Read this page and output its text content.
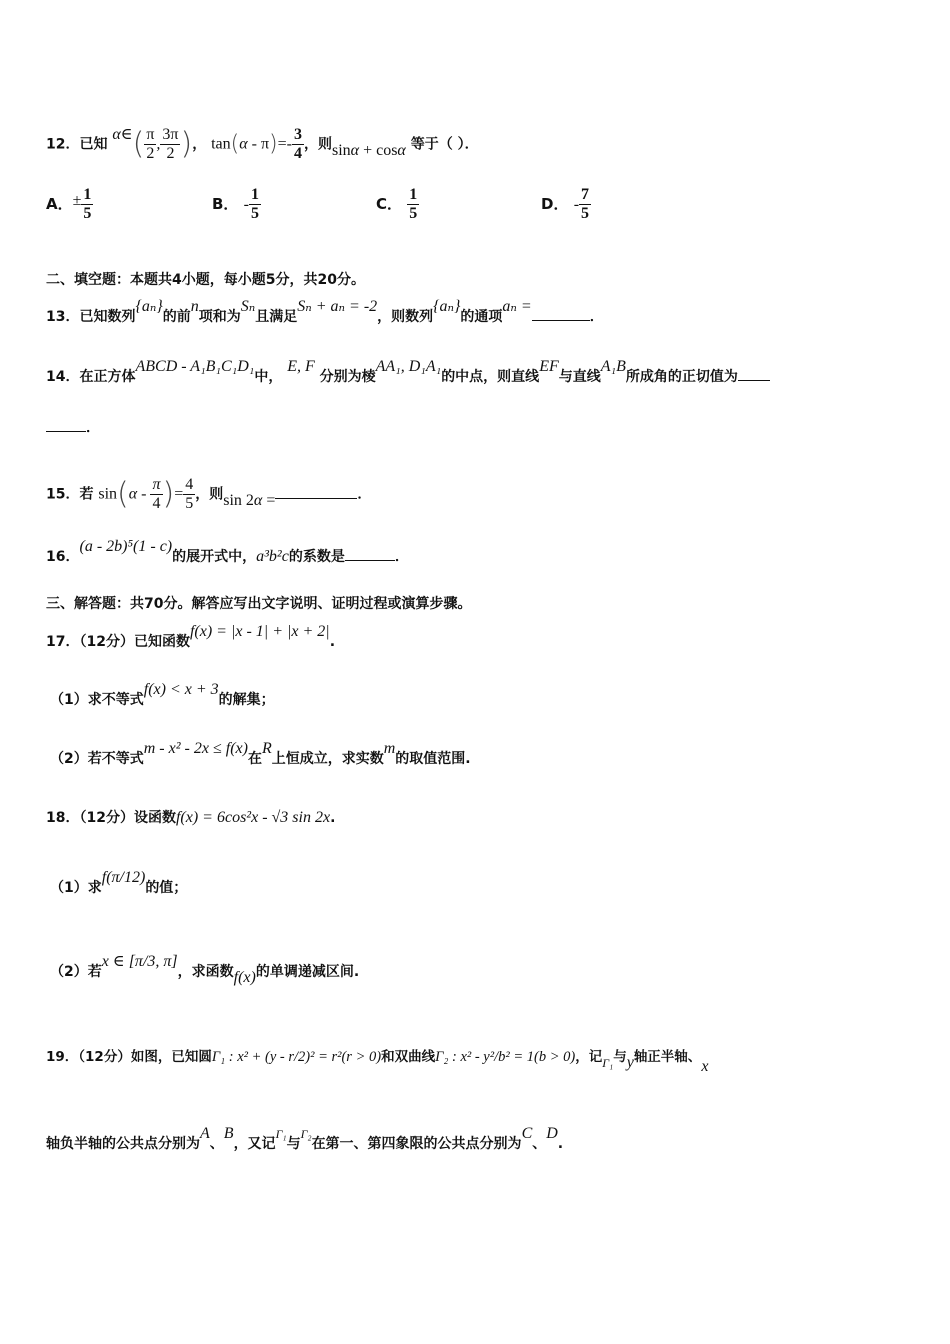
12．已知 α∈( $\frac{\pi}{2}$ , $\frac{3\pi}{2}$ )， $\tan(\alpha - \pi)=- \frac{3}{4}$ ，则sinα + cosα 等于（ ）．
A．± $\frac{1}{5}$	B． - $\frac{1}{5}$	C． $\frac{1}{5}$	D． - $\frac{7}{5}$
二、填空题：本题共4小题，每小题5分，共20分。
13．已知数列{aₙ}的前n项和为Sₙ且满足Sₙ + aₙ = -2，则数列{aₙ}的通项aₙ =．
14．在正方体ABCD - A₁B₁C₁D₁中， E, F 分别为棱AA₁, D₁A₁的中点，则直线EF与直线A₁B所成角的正切值为
．
15．若 $\sin(\alpha - \frac{\pi}{4}$ )= $\frac{4}{5}$ ，则sin 2α =	．
16．(a - 2b)⁵(1 - c)的展开式中，a³b²c的系数是	．
三、解答题：共70分。解答应写出文字说明、证明过程或演算步骤。
17．（12分）已知函数f(x) = |x - 1| + |x + 2|.
（1）求不等式f(x) < x + 3的解集；
（2）若不等式m - x² - 2x ≤ f(x)在R上恒成立，求实数m的取值范围.
18．（12分）设函数f(x) = 6cos²x - √3 sin 2x.
（1）求f(π/12)的值；
（2）若x ∈ [π/3, π]，求函数f(x)的单调递减区间.
19．（12分）如图，已知圆Γ₁ : x² + (y - r/2)² = r²(r > 0)和双曲线Γ₂ : x² - y²/b² = 1(b > 0)，记Γ₁与y轴正半轴、x
轴负半轴的公共点分别为A、B，又记Γ₁与Γ₂在第一、第四象限的公共点分别为C、D.
